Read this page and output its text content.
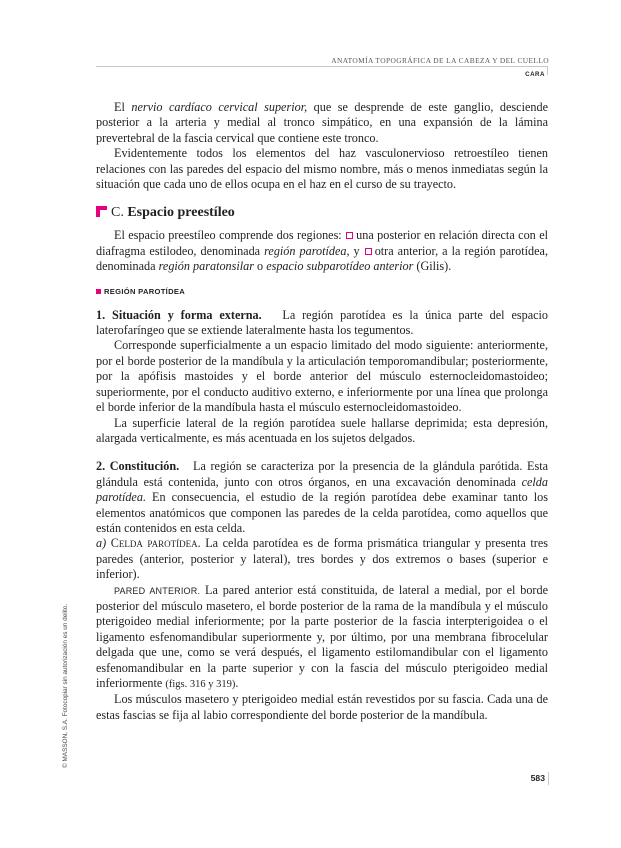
ANATOMÍA TOPOGRÁFICA DE LA CABEZA Y DEL CUELLO
CARA

El nervio cardíaco cervical superior, que se desprende de este ganglio, desciende posterior a la arteria y medial al tronco simpático, en una expansión de la lámina prevertebral de la fascia cervical que contiene este tronco.

Evidentemente todos los elementos del haz vasculonervioso retroestíleo tienen relaciones con las paredes del espacio del mismo nombre, más o menos inmediatas según la situación que cada uno de ellos ocupa en el haz en el curso de su trayecto.

C. Espacio preestíleo

El espacio preestíleo comprende dos regiones: una posterior en relación directa con el diafragma estilodeo, denominada región parotídea, y otra anterior, a la región parotídea, denominada región paratonsilar o espacio subparotídeo anterior (Gilis).

REGIÓN PAROTÍDEA

1. Situación y forma externa. La región parotídea es la única parte del espacio laterofaríngeo que se extiende lateralmente hasta los tegumentos.

Corresponde superficialmente a un espacio limitado del modo siguiente: anteriormente, por el borde posterior de la mandíbula y la articulación temporomandibular; posteriormente, por la apófisis mastoides y el borde anterior del músculo esternocleidomastoideo; superiormente, por el conducto auditivo externo, e inferiormente por una línea que prolonga el borde inferior de la mandíbula hasta el músculo esternocleidomastoideo.

La superficie lateral de la región parotídea suele hallarse deprimida; esta depresión, alargada verticalmente, es más acentuada en los sujetos delgados.

2. Constitución. La región se caracteriza por la presencia de la glándula parótida. Esta glándula está contenida, junto con otros órganos, en una excavación denominada celda parotídea. En consecuencia, el estudio de la región parotídea debe examinar tanto los elementos anatómicos que componen las paredes de la celda parotídea, como aquellos que están contenidos en esta celda.

a) Celda parotídea. La celda parotídea es de forma prismática triangular y presenta tres paredes (anterior, posterior y lateral), tres bordes y dos extremos o bases (superior e inferior).

PARED ANTERIOR. La pared anterior está constituida, de lateral a medial, por el borde posterior del músculo masetero, el borde posterior de la rama de la mandíbula y el músculo pterigoideo medial inferiormente; por la parte posterior de la fascia interpterigoidea o el ligamento esfenomandibular superiormente y, por último, por una membrana fibrocelular delgada que une, como se verá después, el ligamento estilomandibular con el ligamento esfenomandibular en la parte superior y con la fascia del músculo pterigoideo medial inferiormente (figs. 316 y 319).

Los músculos masetero y pterigoideo medial están revestidos por su fascia. Cada una de estas fascias se fija al labio correspondiente del borde posterior de la mandíbula.

© MASSON, S.A. Fotocopiar sin autorización es un delito.
583
